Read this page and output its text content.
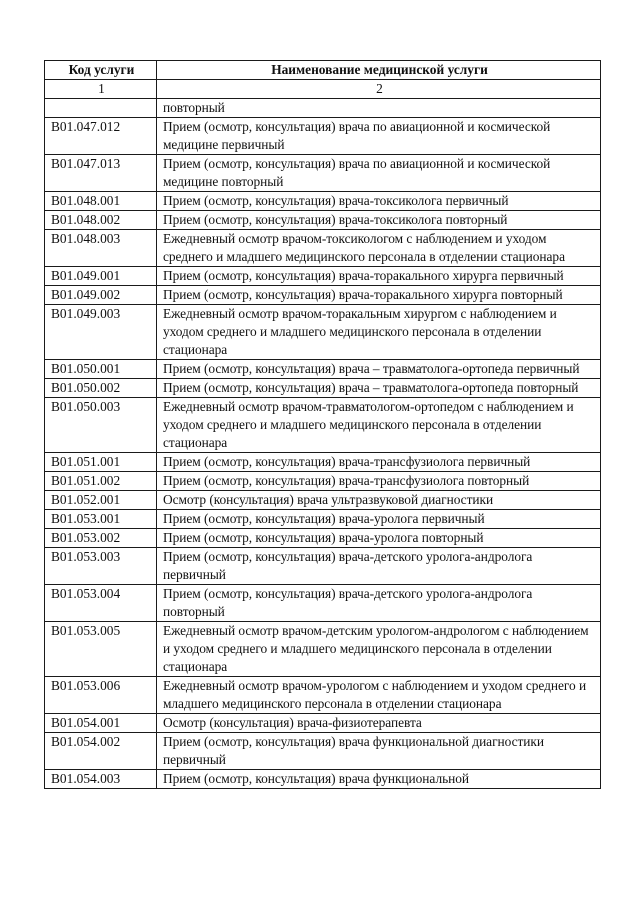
Код услуги	Наименование медицинской услуги
1	2
	повторный
B01.047.012	Прием (осмотр, консультация) врача по авиационной и космической медицине первичный
B01.047.013	Прием (осмотр, консультация) врача по авиационной и космической медицине повторный
B01.048.001	Прием (осмотр, консультация) врача-токсиколога первичный
B01.048.002	Прием (осмотр, консультация) врача-токсиколога повторный
B01.048.003	Ежедневный осмотр врачом-токсикологом с наблюдением и уходом среднего и младшего медицинского персонала в отделении стационара
B01.049.001	Прием (осмотр, консультация) врача-торакального хирурга первичный
B01.049.002	Прием (осмотр, консультация) врача-торакального хирурга повторный
B01.049.003	Ежедневный осмотр врачом-торакальным хирургом с наблюдением и уходом среднего и младшего медицинского персонала в отделении стационара
B01.050.001	Прием (осмотр, консультация) врача – травматолога-ортопеда первичный
B01.050.002	Прием (осмотр, консультация) врача – травматолога-ортопеда повторный
B01.050.003	Ежедневный осмотр врачом-травматологом-ортопедом с наблюдением и уходом среднего и младшего медицинского персонала в отделении стационара
B01.051.001	Прием (осмотр, консультация) врача-трансфузиолога первичный
B01.051.002	Прием (осмотр, консультация) врача-трансфузиолога повторный
B01.052.001	Осмотр (консультация) врача ультразвуковой диагностики
B01.053.001	Прием (осмотр, консультация) врача-уролога первичный
B01.053.002	Прием (осмотр, консультация) врача-уролога повторный
B01.053.003	Прием (осмотр, консультация) врача-детского уролога-андролога первичный
B01.053.004	Прием (осмотр, консультация) врача-детского уролога-андролога повторный
B01.053.005	Ежедневный осмотр врачом-детским урологом-андрологом с наблюдением и уходом среднего и младшего медицинского персонала в отделении стационара
B01.053.006	Ежедневный осмотр врачом-урологом с наблюдением и уходом среднего и младшего медицинского персонала в отделении стационара
B01.054.001	Осмотр (консультация) врача-физиотерапевта
B01.054.002	Прием (осмотр, консультация) врача функциональной диагностики первичный
B01.054.003	Прием (осмотр, консультация) врача функциональной
